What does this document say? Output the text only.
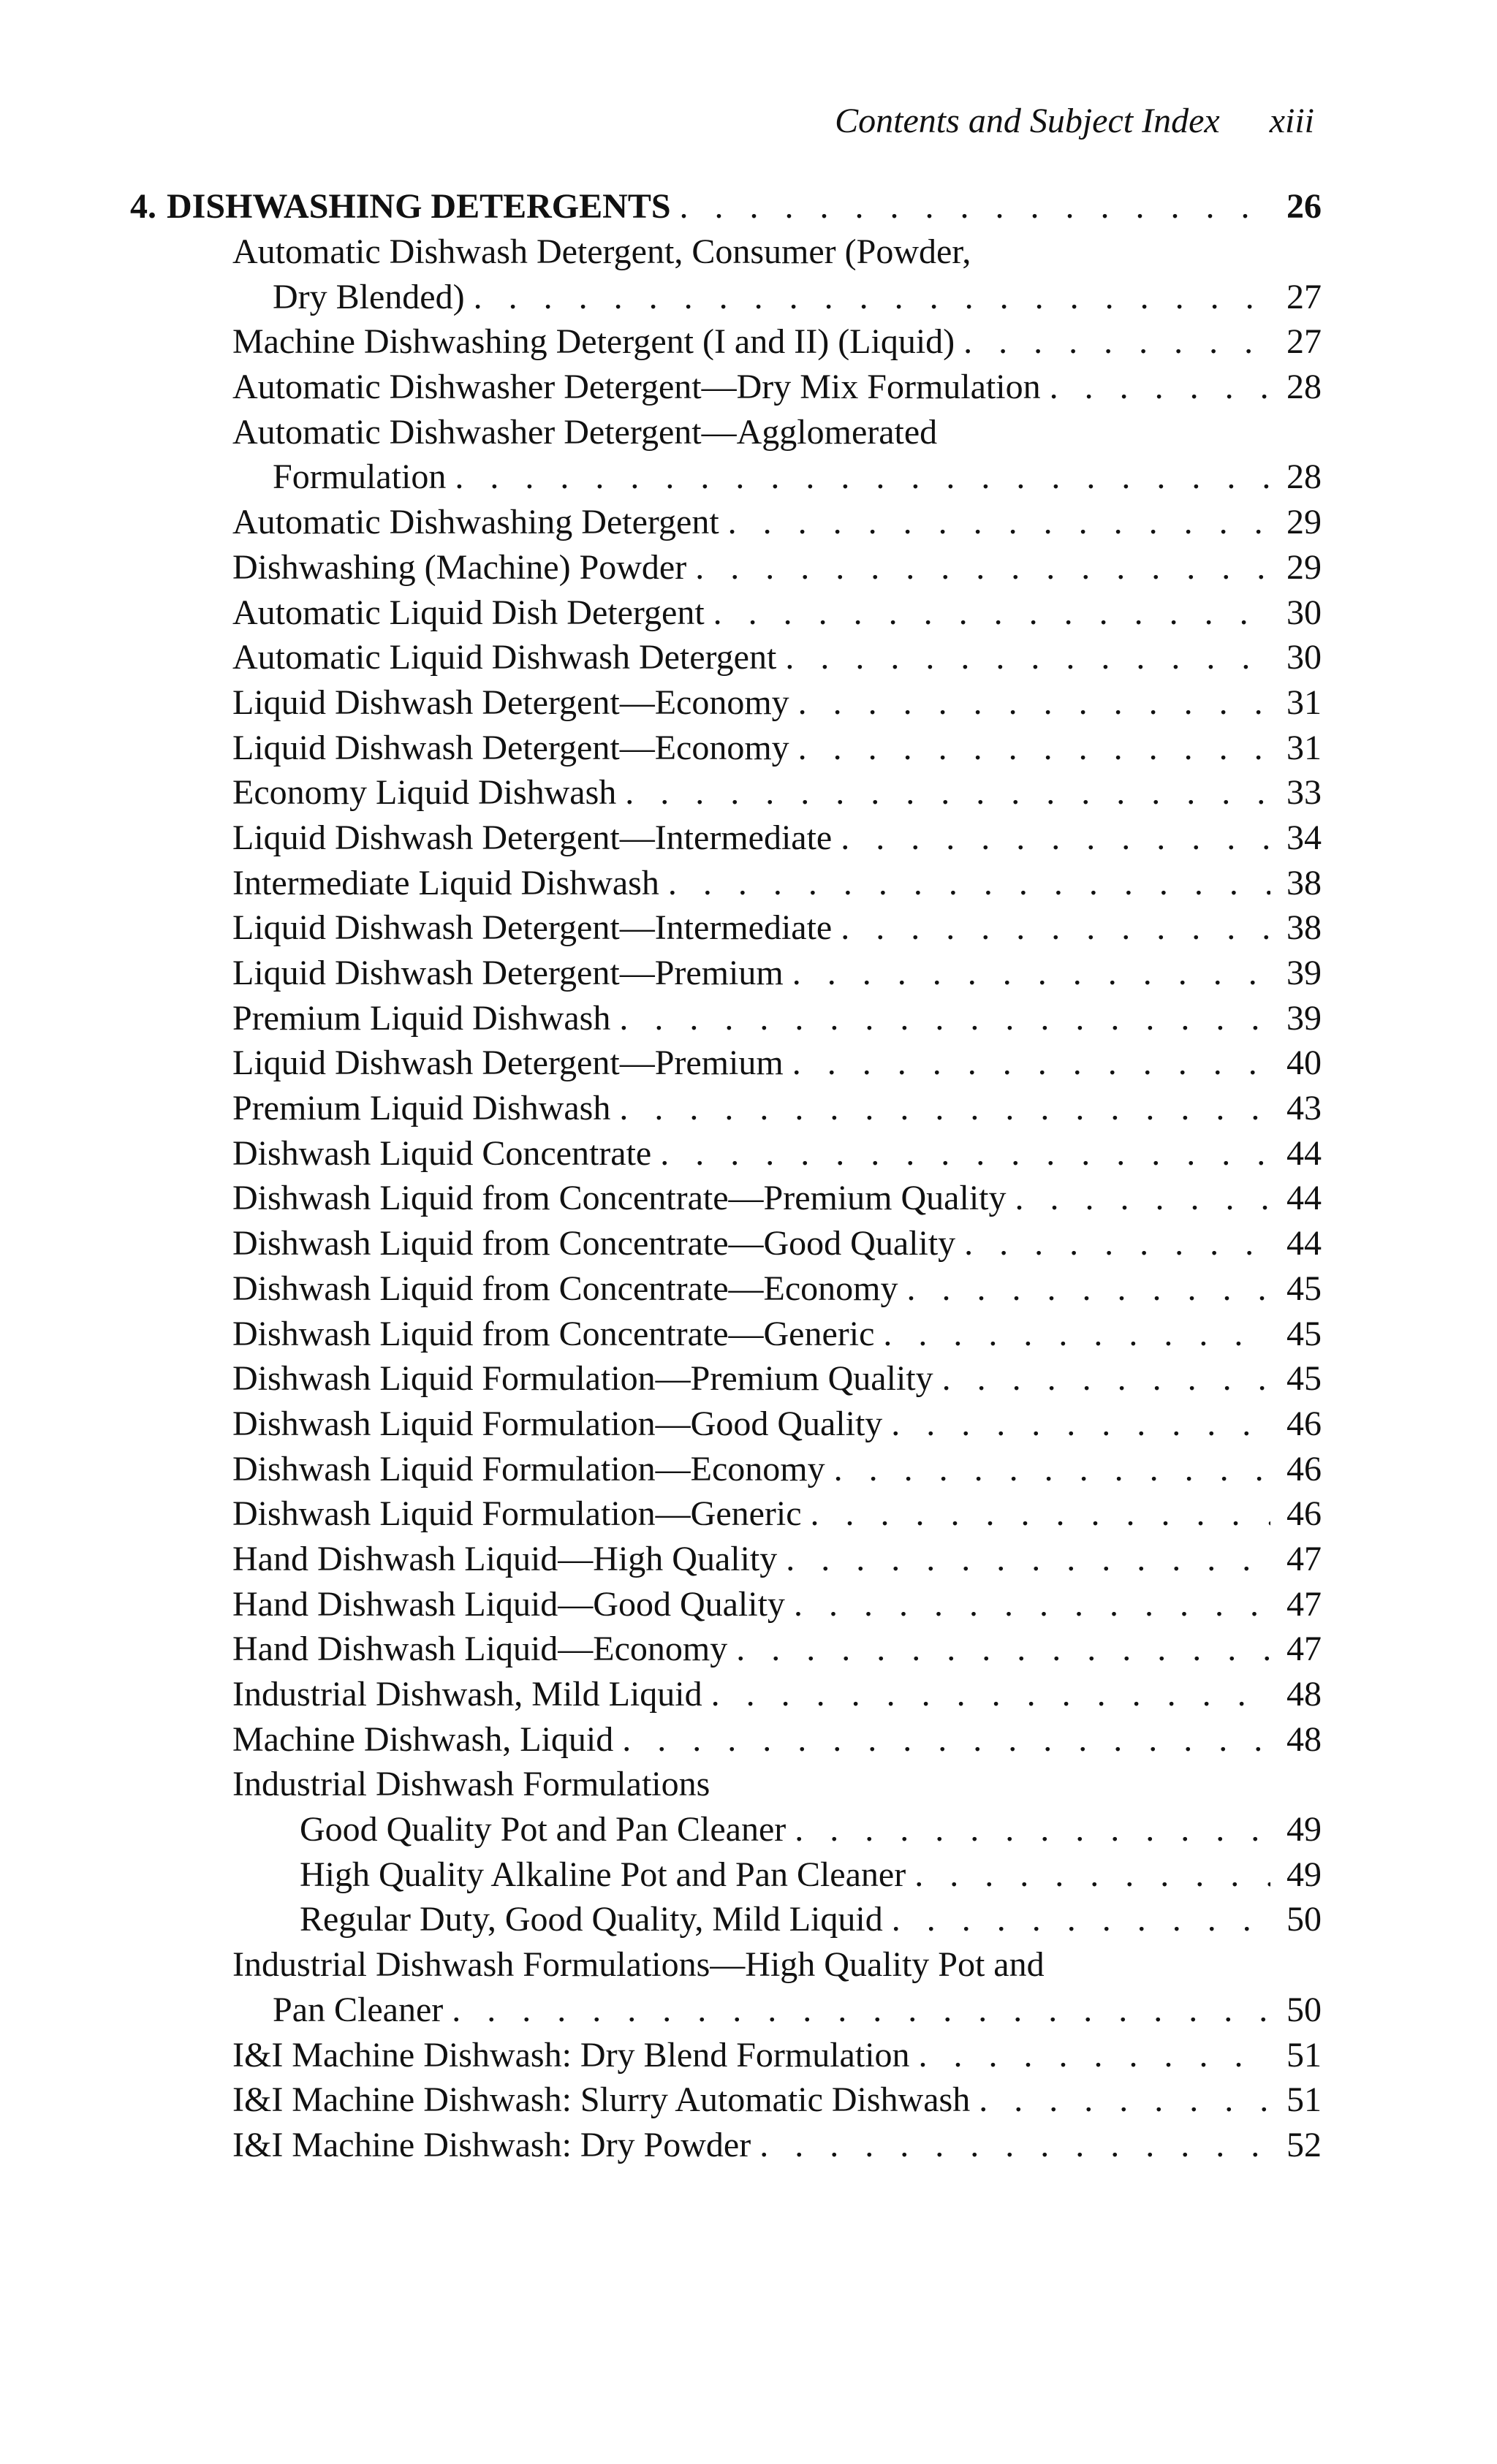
Contents and Subject Index xiii
4. DISHWASHING DETERGENTS . . .	26
Automatic Dishwash Detergent, Consumer (Powder,
Dry Blended) . . .	27
Machine Dishwashing Detergent (I and II) (Liquid) . . .	27
Automatic Dishwasher Detergent—Dry Mix Formulation . . .	28
Automatic Dishwasher Detergent—Agglomerated
Formulation . . .	28
Automatic Dishwashing Detergent . . .	29
Dishwashing (Machine) Powder . . .	29
Automatic Liquid Dish Detergent . . .	30
Automatic Liquid Dishwash Detergent . . .	30
Liquid Dishwash Detergent—Economy . . .	31
Liquid Dishwash Detergent—Economy . . .	31
Economy Liquid Dishwash . . .	33
Liquid Dishwash Detergent—Intermediate . . .	34
Intermediate Liquid Dishwash . . .	38
Liquid Dishwash Detergent—Intermediate . . .	38
Liquid Dishwash Detergent—Premium . . .	39
Premium Liquid Dishwash . . .	39
Liquid Dishwash Detergent—Premium . . .	40
Premium Liquid Dishwash . . .	43
Dishwash Liquid Concentrate . . .	44
Dishwash Liquid from Concentrate—Premium Quality . . .	44
Dishwash Liquid from Concentrate—Good Quality . . .	44
Dishwash Liquid from Concentrate—Economy . . .	45
Dishwash Liquid from Concentrate—Generic . . .	45
Dishwash Liquid Formulation—Premium Quality . . .	45
Dishwash Liquid Formulation—Good Quality . . .	46
Dishwash Liquid Formulation—Economy . . .	46
Dishwash Liquid Formulation—Generic . . .	46
Hand Dishwash Liquid—High Quality . . .	47
Hand Dishwash Liquid—Good Quality . . .	47
Hand Dishwash Liquid—Economy . . .	47
Industrial Dishwash, Mild Liquid . . .	48
Machine Dishwash, Liquid . . .	48
Industrial Dishwash Formulations
Good Quality Pot and Pan Cleaner . . .	49
High Quality Alkaline Pot and Pan Cleaner . . .	49
Regular Duty, Good Quality, Mild Liquid . . .	50
Industrial Dishwash Formulations—High Quality Pot and
Pan Cleaner . . .	50
I&I Machine Dishwash: Dry Blend Formulation . . .	51
I&I Machine Dishwash: Slurry Automatic Dishwash . . .	51
I&I Machine Dishwash: Dry Powder . . .	52
